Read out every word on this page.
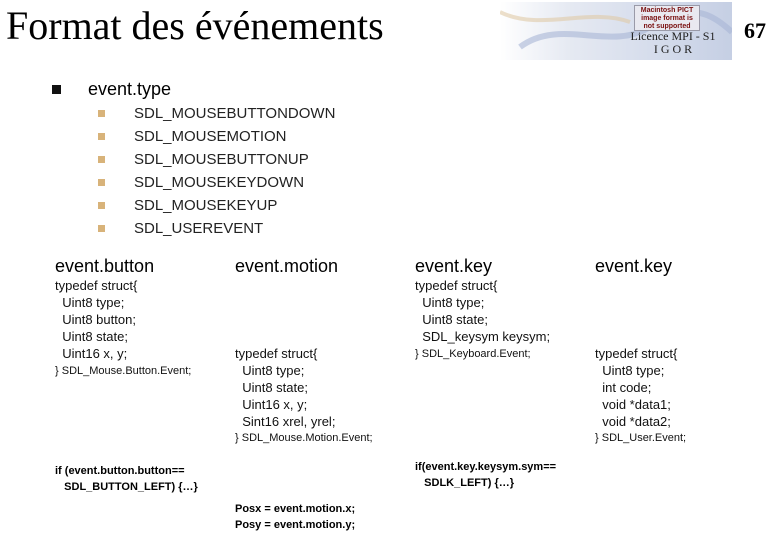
Format des événements	Macintosh PICT image format is not supported
Licence MPI - S1
I G O R
67
event.type
SDL_MOUSEBUTTONDOWN
SDL_MOUSEMOTION
SDL_MOUSEBUTTONUP
SDL_MOUSEKEYDOWN
SDL_MOUSEKEYUP
SDL_USEREVENT
event.button
typedef struct{
Uint8 type;
Uint8 button;
Uint8 state;
Uint16 x, y;
} SDL_Mouse.Button.Event;
if (event.button.button==
SDL_BUTTON_LEFT) {…}
event.motion
typedef struct{
Uint8 type;
Uint8 state;
Uint16 x, y;
Sint16 xrel, yrel;
} SDL_Mouse.Motion.Event;
Posx = event.motion.x;
Posy = event.motion.y;
event.key
typedef struct{
Uint8 type;
Uint8 state;
SDL_keysym keysym;
} SDL_Keyboard.Event;
if(event.key.keysym.sym==
SDLK_LEFT) {…}
event.key
typedef struct{
Uint8 type;
int code;
void *data1;
void *data2;
} SDL_User.Event;
